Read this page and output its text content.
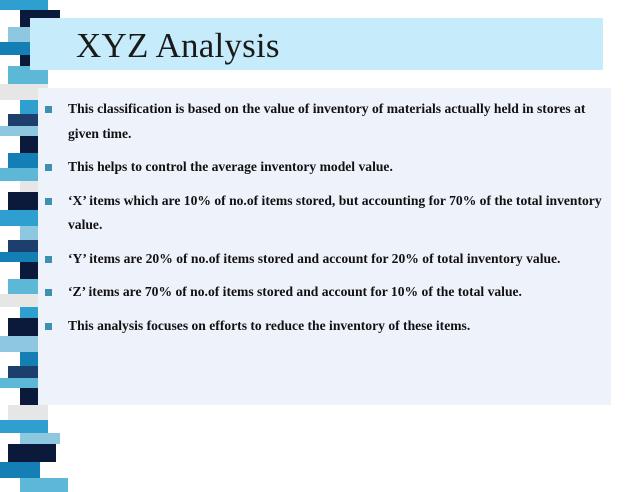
XYZ Analysis
This classification is based on the value of inventory of materials actually held in stores at given time.
This helps to control the average inventory model value.
‘X’ items which are 10% of no.of items stored, but accounting for 70% of the total inventory value.
‘Y’ items are 20% of no.of items stored and account for 20% of total inventory value.
‘Z’ items are 70% of no.of items stored and account for 10% of the total value.
This analysis focuses on efforts to reduce the inventory of these items.
